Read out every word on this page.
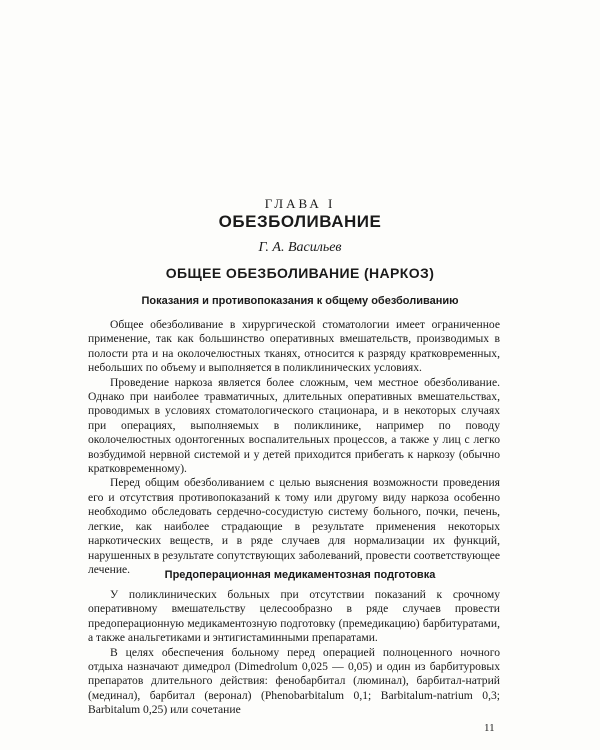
ГЛАВА I
ОБЕЗБОЛИВАНИЕ
Г. А. Васильев
ОБЩЕЕ ОБЕЗБОЛИВАНИЕ (НАРКОЗ)
Показания и противопоказания к общему обезболиванию

Общее обезболивание в хирургической стоматологии имеет ограниченное применение, так как большинство оперативных вмешательств, производимых в полости рта и на околочелюстных тканях, относится к разряду кратковременных, небольших по объему и выполняется в поликлинических условиях.

Проведение наркоза является более сложным, чем местное обезболивание. Однако при наиболее травматичных, длительных оперативных вмешательствах, проводимых в условиях стоматологического стационара, и в некоторых случаях при операциях, выполняемых в поликлинике, например по поводу околочелюстных одонтогенных воспалительных процессов, а также у лиц с легко возбудимой нервной системой и у детей приходится прибегать к наркозу (обычно кратковременному).

Перед общим обезболиванием с целью выяснения возможности проведения его и отсутствия противопоказаний к тому или другому виду наркоза особенно необходимо обследовать сердечно-сосудистую систему больного, почки, печень, легкие, как наиболее страдающие в результате применения некоторых наркотических веществ, и в ряде случаев для нормализации их функций, нарушенных в результате сопутствующих заболеваний, провести соответствующее лечение.	Предоперационная медикаментозная подготовка

У поликлинических больных при отсутствии показаний к срочному оперативному вмешательству целесообразно в ряде случаев провести предоперационную медикаментозную подготовку (премедикацию) барбитуратами, а также анальгетиками и энтигистаминными препаратами.

В целях обеспечения больному перед операцией полноценного ночного отдыха назначают димедрол (Dimedrolum 0,025 — 0,05) и один из барбитуровых препаратов длительного действия: фенобарбитал (люминал), барбитал-натрий (мединал), барбитал (веронал) (Phenobarbitalum 0,1; Barbitalum-natrium 0,3; Barbitalum 0,25) или сочетание

11
